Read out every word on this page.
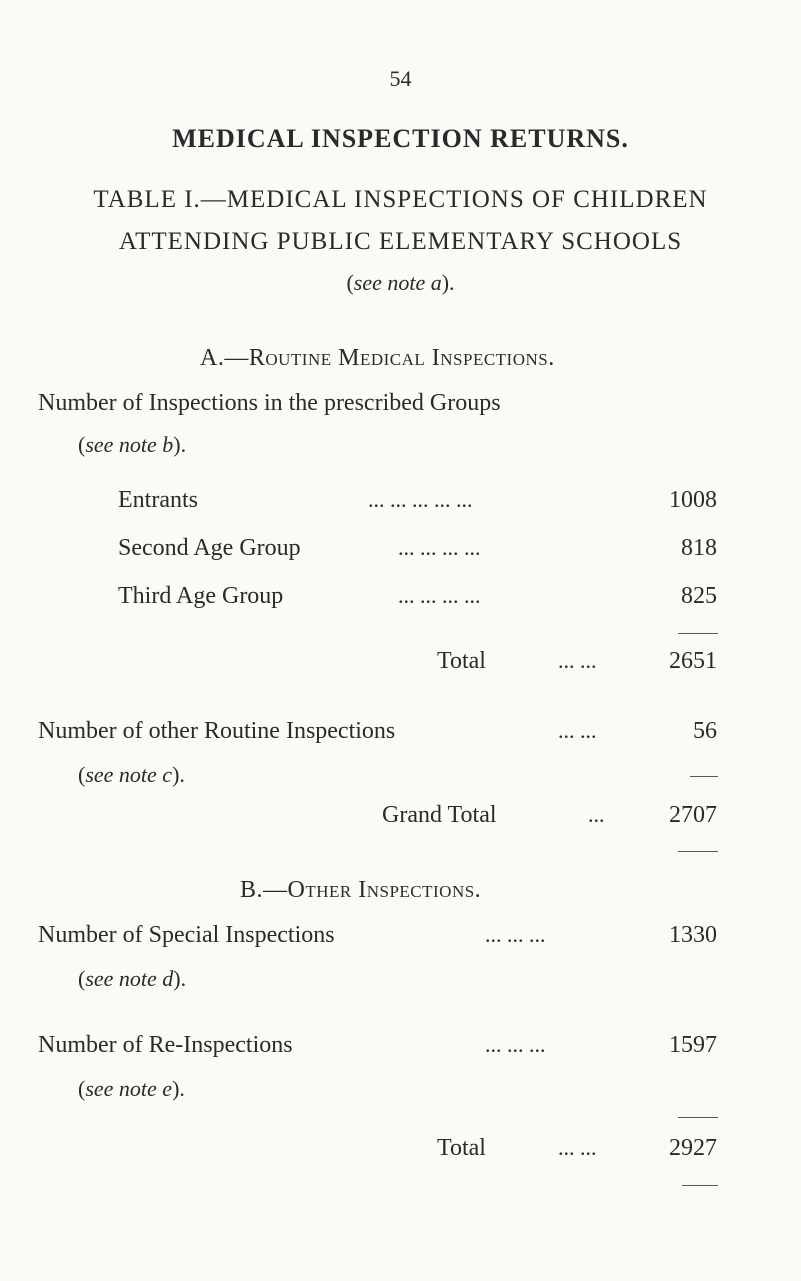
54
MEDICAL INSPECTION RETURNS.
TABLE I.—MEDICAL INSPECTIONS OF CHILDREN
ATTENDING PUBLIC ELEMENTARY SCHOOLS
(see note a).
A.—Routine Medical Inspections.
Number of Inspections in the prescribed Groups
(see note b).
Entrants	... ... ... ... ...	1008
Second Age Group	... ... ... ...	818
Third Age Group	... ... ... ...	825
Total	... ...	2651
Number of other Routine Inspections	... ...	56
(see note c).
Grand Total	...	2707
B.—Other Inspections.
Number of Special Inspections	... ... ...	1330
(see note d).
Number of Re-Inspections	... ... ...	1597
(see note e).
Total	... ...	2927
